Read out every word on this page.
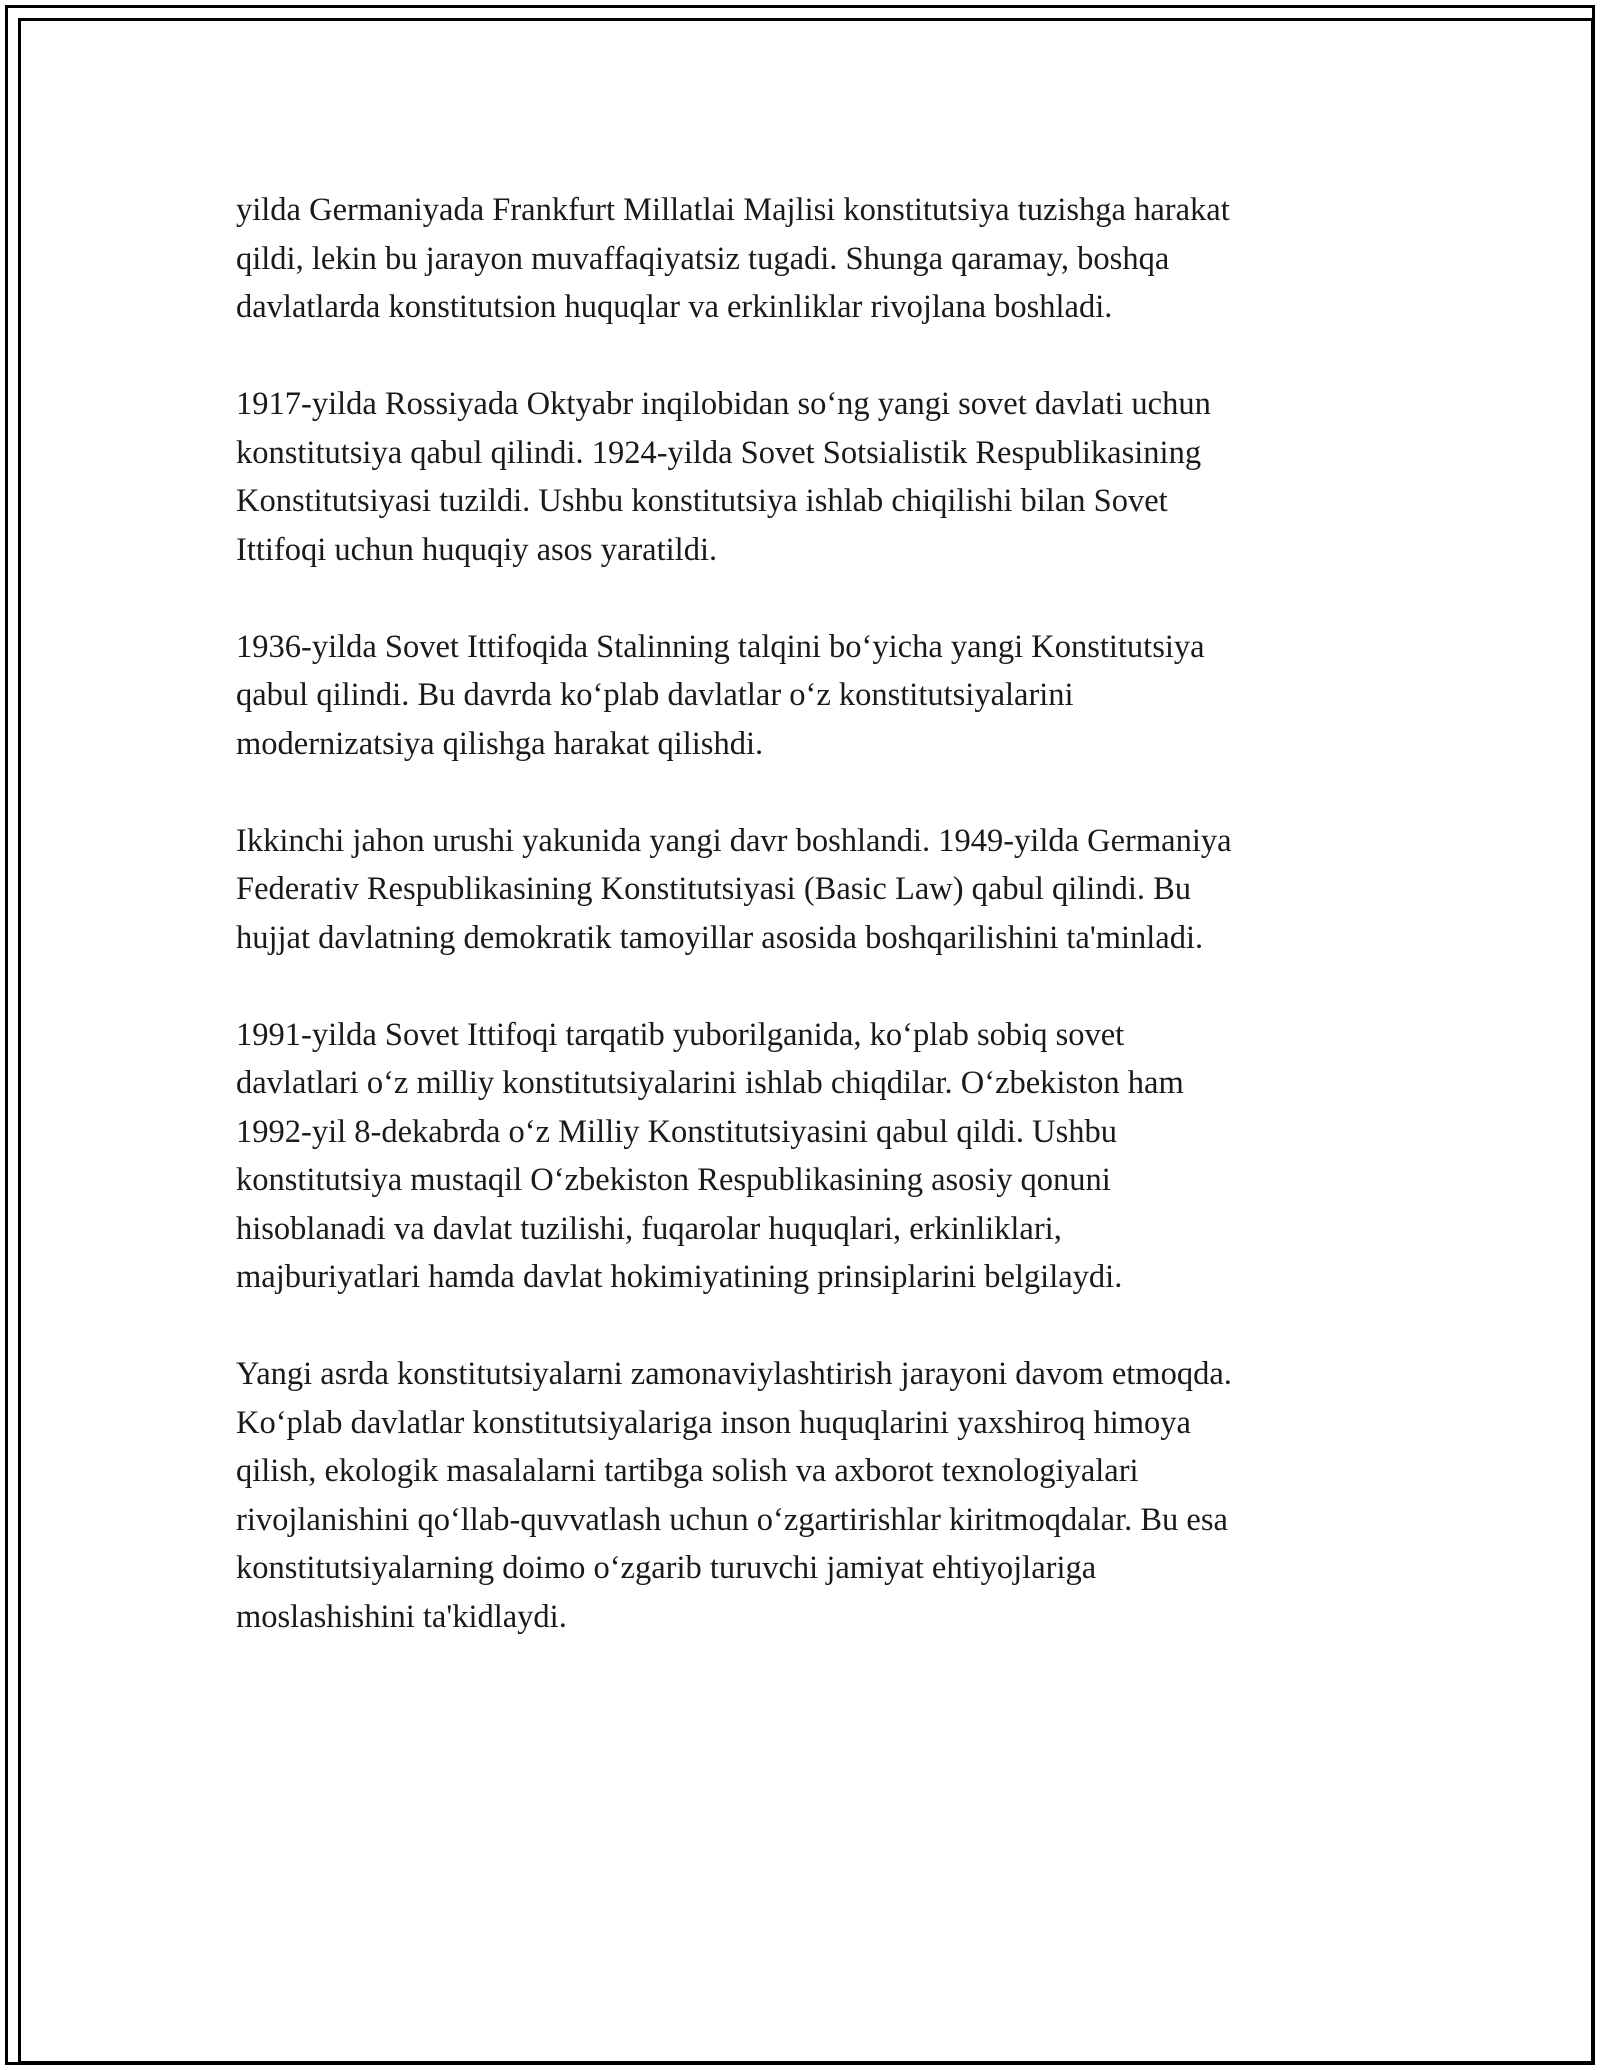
yilda Germaniyada Frankfurt Millatlai Majlisi konstitutsiya tuzishga harakat
qildi, lekin bu jarayon muvaffaqiyatsiz tugadi. Shunga qaramay, boshqa
davlatlarda konstitutsion huquqlar va erkinliklar rivojlana boshladi.

1917-yilda Rossiyada Oktyabr inqilobidan so‘ng yangi sovet davlati uchun
konstitutsiya qabul qilindi. 1924-yilda Sovet Sotsialistik Respublikasining
Konstitutsiyasi tuzildi. Ushbu konstitutsiya ishlab chiqilishi bilan Sovet
Ittifoqi uchun huquqiy asos yaratildi.

1936-yilda Sovet Ittifoqida Stalinning talqini bo‘yicha yangi Konstitutsiya
qabul qilindi. Bu davrda ko‘plab davlatlar o‘z konstitutsiyalarini
modernizatsiya qilishga harakat qilishdi.

Ikkinchi jahon urushi yakunida yangi davr boshlandi. 1949-yilda Germaniya
Federativ Respublikasining Konstitutsiyasi (Basic Law) qabul qilindi. Bu
hujjat davlatning demokratik tamoyillar asosida boshqarilishini ta'minladi.

1991-yilda Sovet Ittifoqi tarqatib yuborilganida, ko‘plab sobiq sovet
davlatlari o‘z milliy konstitutsiyalarini ishlab chiqdilar. O‘zbekiston ham
1992-yil 8-dekabrda o‘z Milliy Konstitutsiyasini qabul qildi. Ushbu
konstitutsiya mustaqil O‘zbekiston Respublikasining asosiy qonuni
hisoblanadi va davlat tuzilishi, fuqarolar huquqlari, erkinliklari,
majburiyatlari hamda davlat hokimiyatining prinsiplarini belgilaydi.

Yangi asrda konstitutsiyalarni zamonaviylashtirish jarayoni davom etmoqda.
Ko‘plab davlatlar konstitutsiyalariga inson huquqlarini yaxshiroq himoya
qilish, ekologik masalalarni tartibga solish va axborot texnologiyalari
rivojlanishini qo‘llab-quvvatlash uchun o‘zgartirishlar kiritmoqdalar. Bu esa
konstitutsiyalarning doimo o‘zgarib turuvchi jamiyat ehtiyojlariga
moslashishini ta'kidlaydi.
